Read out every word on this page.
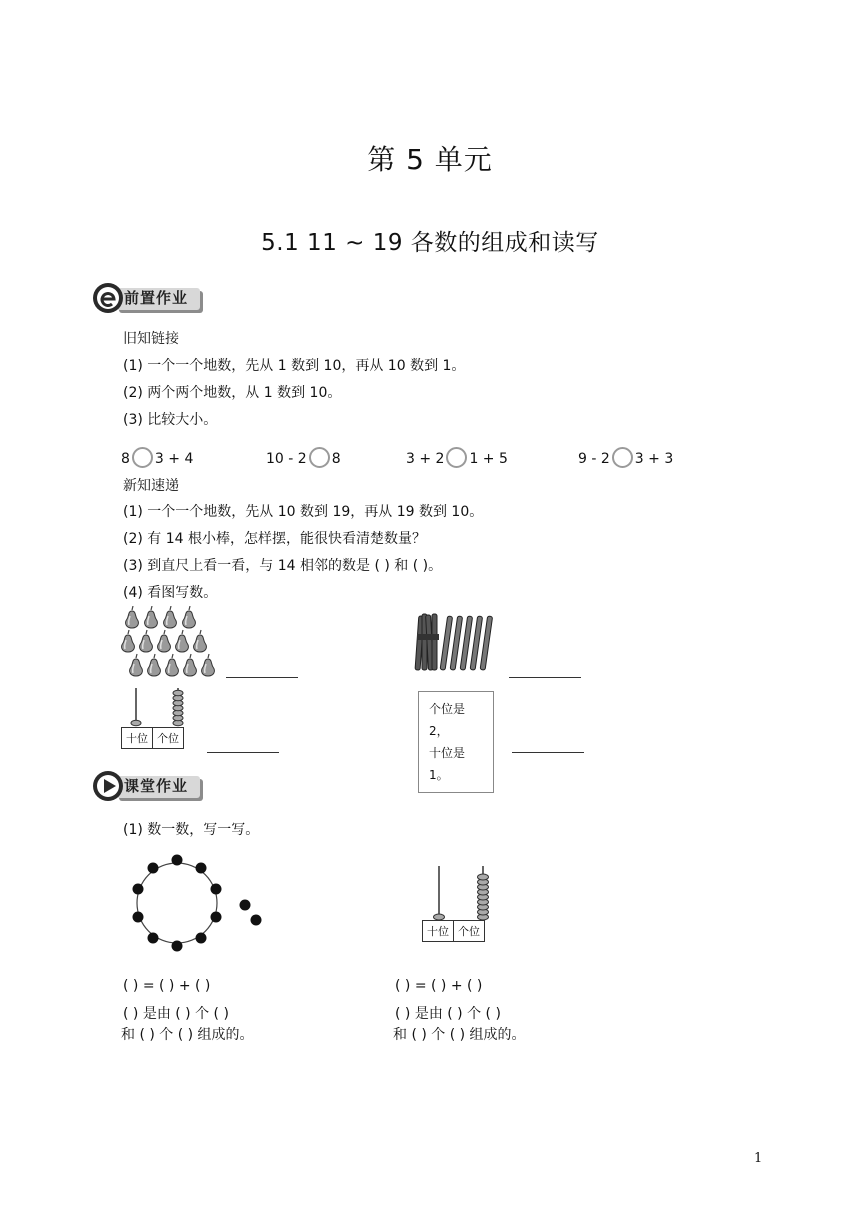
第 5 单元
5.1 11 ~ 19 各数的组成和读写
前置作业
旧知链接
(1) 一个一个地数，先从 1 数到 10，再从 10 数到 1。
(2) 两个两个地数，从 1 数到 10。
(3) 比较大小。
8 3 + 4	10 - 2 8	3 + 2 1 + 5	9 - 2 3 + 3
新知速递
(1) 一个一个地数，先从 10 数到 19，再从 19 数到 10。
(2) 有 14 根小棒，怎样摆，能很快看清楚数量？
(3) 到直尺上看一看，与 14 相邻的数是 ( ) 和 ( )。
(4) 看图写数。
十位 个位
个位是 2，
十位是 1。
课堂作业
(1) 数一数，写一写。
十位 个位
( ) = ( ) + ( )
( ) 是由 ( ) 个 ( )
和 ( ) 个 ( ) 组成的。
( ) = ( ) + ( )
( ) 是由 ( ) 个 ( )
和 ( ) 个 ( ) 组成的。
1
